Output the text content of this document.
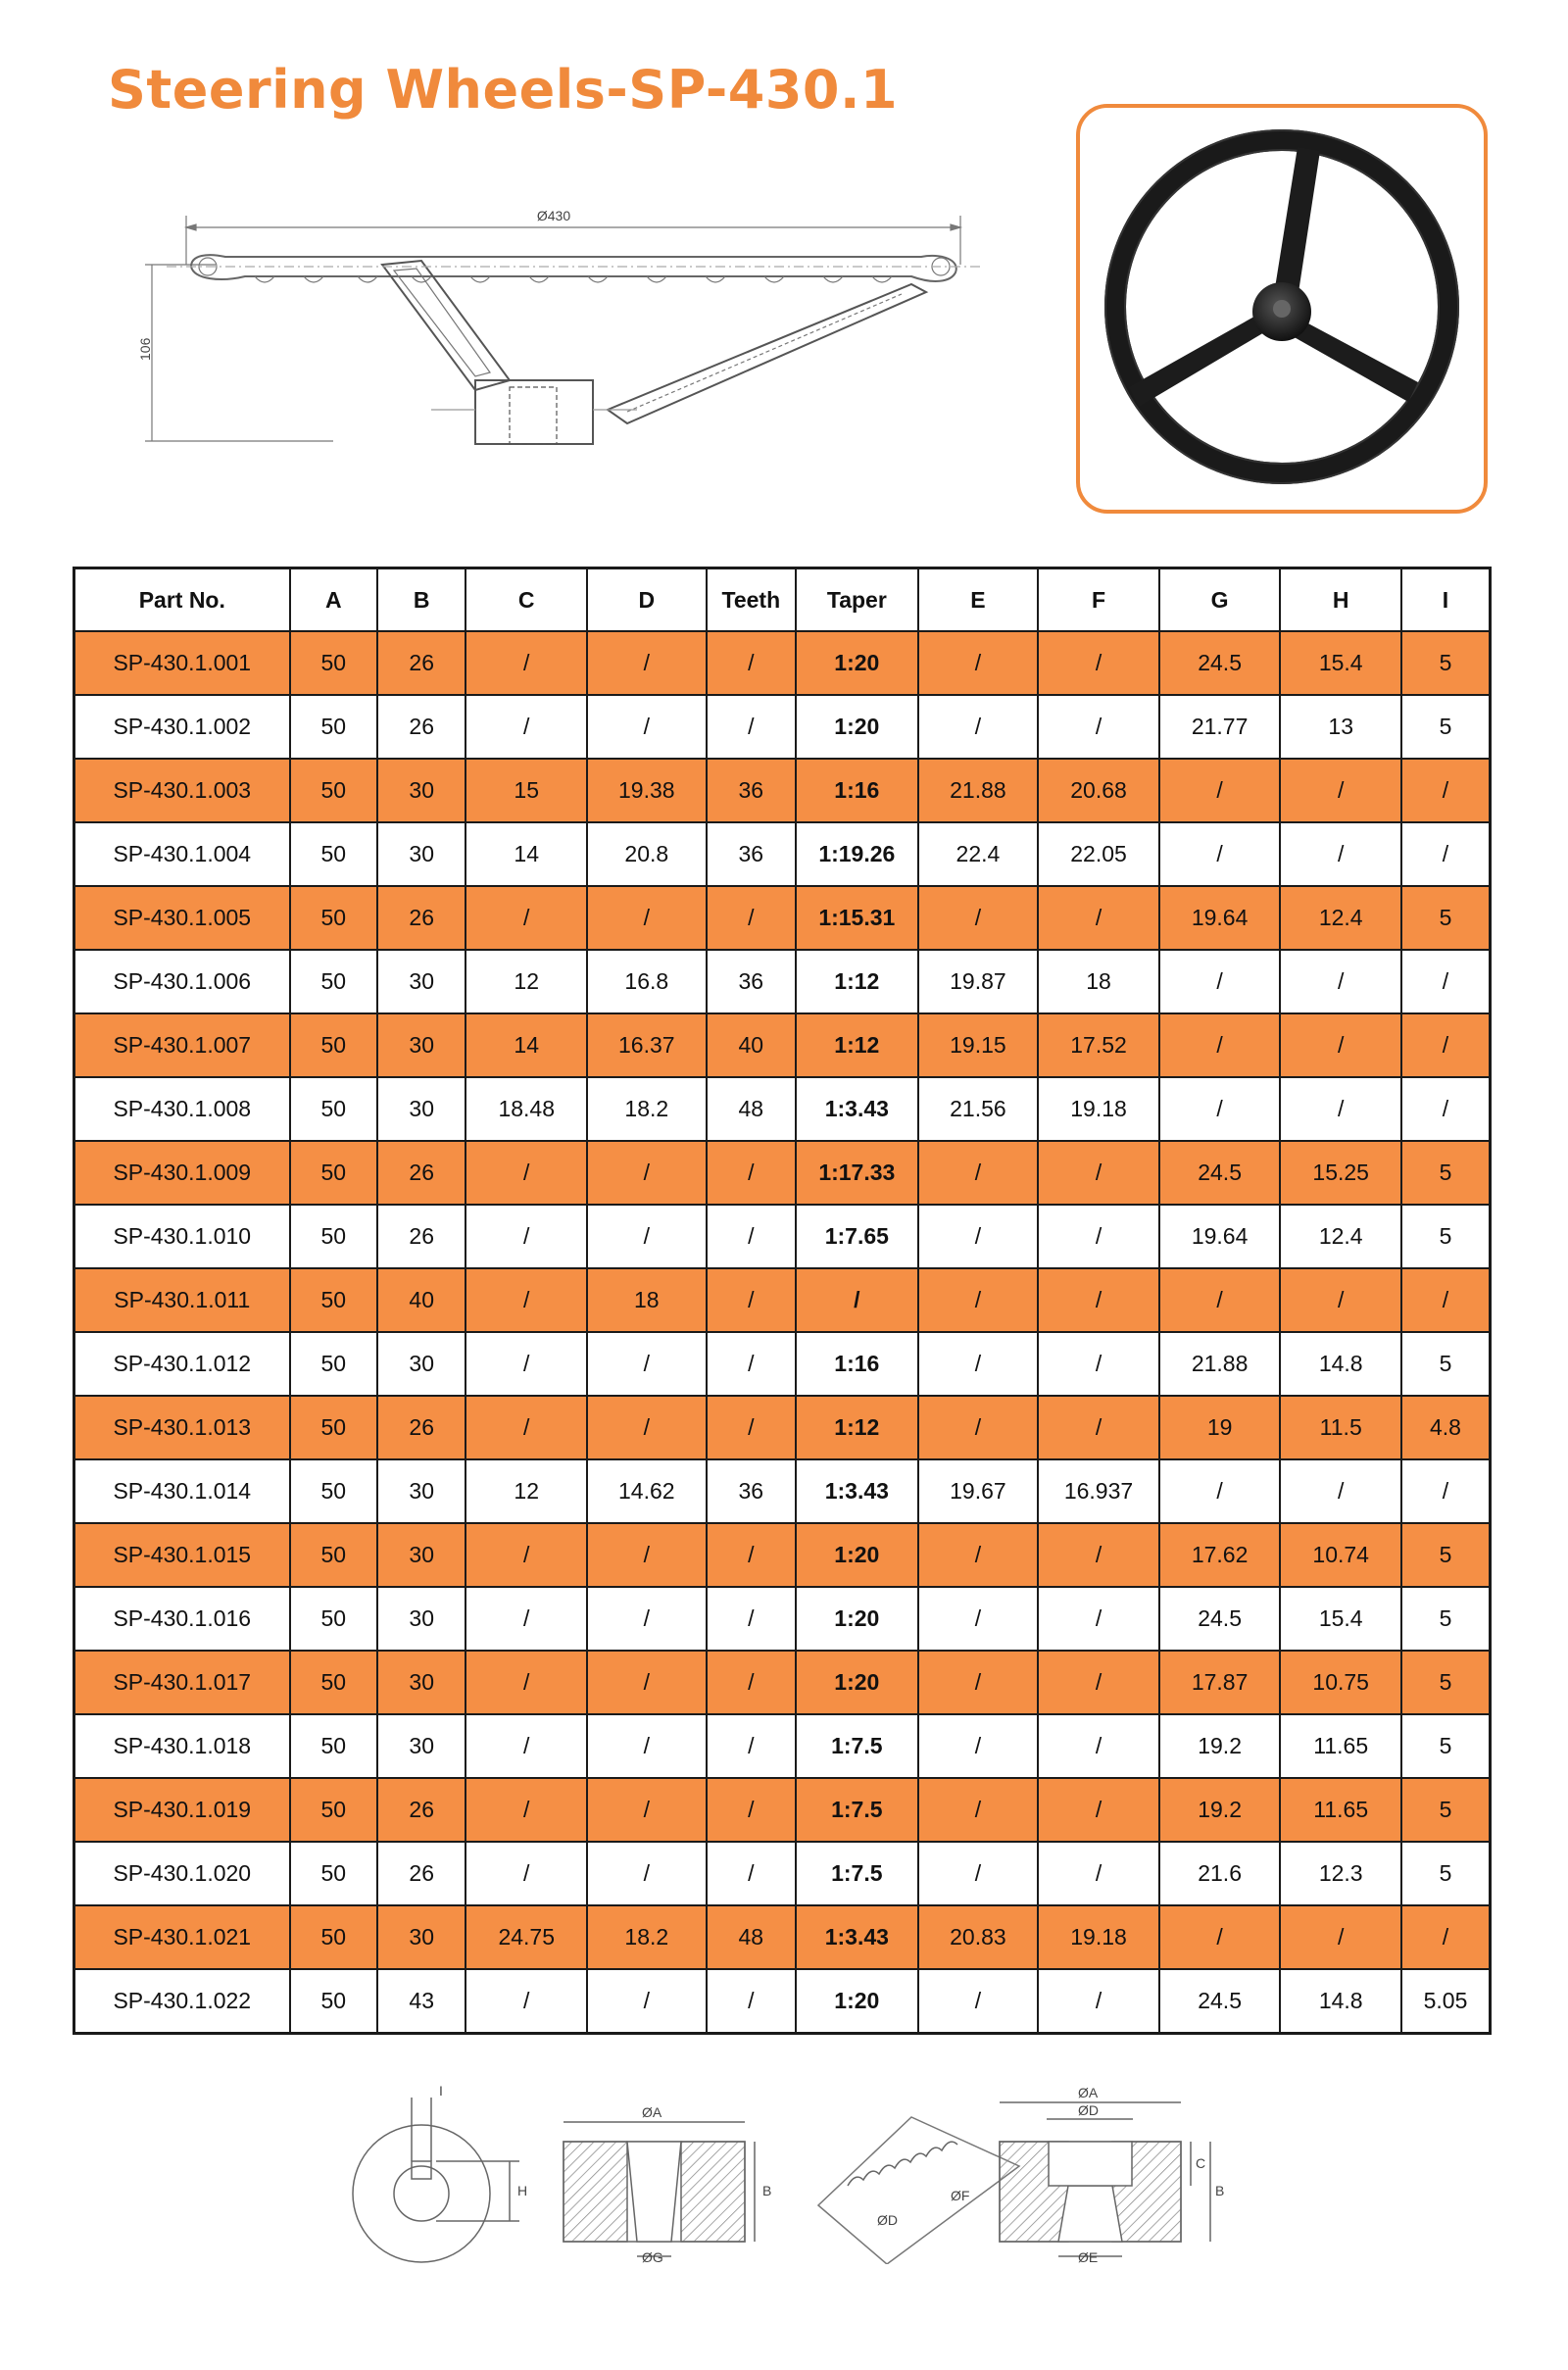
Steering Wheels-SP-430.1
Ø430
106
Part No.	A	B	C	D	Teeth	Taper	E	F	G	H	I
SP-430.1.001	50	26	/	/	/	1:20	/	/	24.5	15.4	5
SP-430.1.002	50	26	/	/	/	1:20	/	/	21.77	13	5
SP-430.1.003	50	30	15	19.38	36	1:16	21.88	20.68	/	/	/
SP-430.1.004	50	30	14	20.8	36	1:19.26	22.4	22.05	/	/	/
SP-430.1.005	50	26	/	/	/	1:15.31	/	/	19.64	12.4	5
SP-430.1.006	50	30	12	16.8	36	1:12	19.87	18	/	/	/
SP-430.1.007	50	30	14	16.37	40	1:12	19.15	17.52	/	/	/
SP-430.1.008	50	30	18.48	18.2	48	1:3.43	21.56	19.18	/	/	/
SP-430.1.009	50	26	/	/	/	1:17.33	/	/	24.5	15.25	5
SP-430.1.010	50	26	/	/	/	1:7.65	/	/	19.64	12.4	5
SP-430.1.011	50	40	/	18	/	/	/	/	/	/	/
SP-430.1.012	50	30	/	/	/	1:16	/	/	21.88	14.8	5
SP-430.1.013	50	26	/	/	/	1:12	/	/	19	11.5	4.8
SP-430.1.014	50	30	12	14.62	36	1:3.43	19.67	16.937	/	/	/
SP-430.1.015	50	30	/	/	/	1:20	/	/	17.62	10.74	5
SP-430.1.016	50	30	/	/	/	1:20	/	/	24.5	15.4	5
SP-430.1.017	50	30	/	/	/	1:20	/	/	17.87	10.75	5
SP-430.1.018	50	30	/	/	/	1:7.5	/	/	19.2	11.65	5
SP-430.1.019	50	26	/	/	/	1:7.5	/	/	19.2	11.65	5
SP-430.1.020	50	26	/	/	/	1:7.5	/	/	21.6	12.3	5
SP-430.1.021	50	30	24.75	18.2	48	1:3.43	20.83	19.18	/	/	/
SP-430.1.022	50	43	/	/	/	1:20	/	/	24.5	14.8	5.05
I
H
ØA
B
ØG
ØD
ØF
ØA
ØD
C
B
ØE
